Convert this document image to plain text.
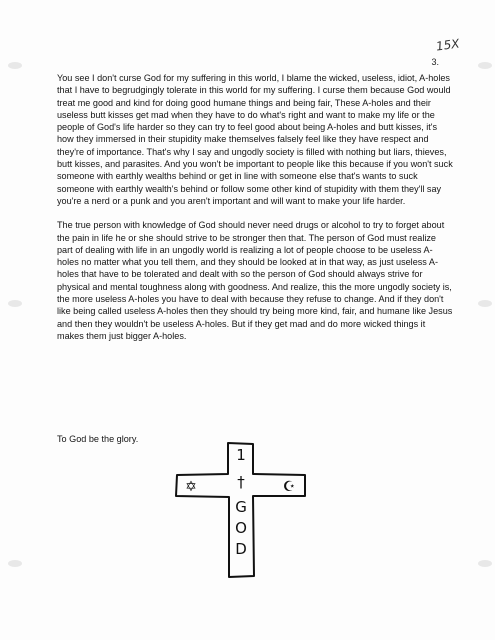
15X
3.

You see I don't curse God for my suffering in this world, I blame the wicked, useless, idiot, A-holes that I have to begrudgingly tolerate in this world for my suffering. I curse them because God would treat me good and kind for doing good humane things and being fair, These A-holes and their useless butt kisses get mad when they have to do what's right and want to make my life or the people of God's life harder so they can try to feel good about being A-holes and butt kisses, it's how they immersed in their stupidity make themselves falsely feel like they have respect and they're of importance. That's why I say and ungodly society is filled with nothing but liars, thieves, butt kisses, and parasites. And you won't be important to people like this because if you won't suck someone with earthly wealths behind or get in line with someone else that's wants to suck someone with earthly wealth's behind or follow some other kind of stupidity with them they'll say you're a nerd or a punk and you aren't important and will want to make your life harder.

The true person with knowledge of God should never need drugs or alcohol to try to forget about the pain in life he or she should strive to be stronger then that. The person of God must realize part of dealing with life in an ungodly world is realizing a lot of people choose to be useless A-holes no matter what you tell them, and they should be looked at in that way, as just useless A-holes that have to be tolerated and dealt with so the person of God should always strive for physical and mental toughness along with goodness. And realize, this the more ungodly society is, the more useless A-holes you have to deal with because they refuse to change. And if they don't like being called useless A-holes then they should try being more kind, fair, and humane like Jesus and then they wouldn't be useless A-holes. But if they get mad and do more wicked things it makes them just bigger A-holes.

To God be the glory.
1
†
G
O
D
✡	☪
